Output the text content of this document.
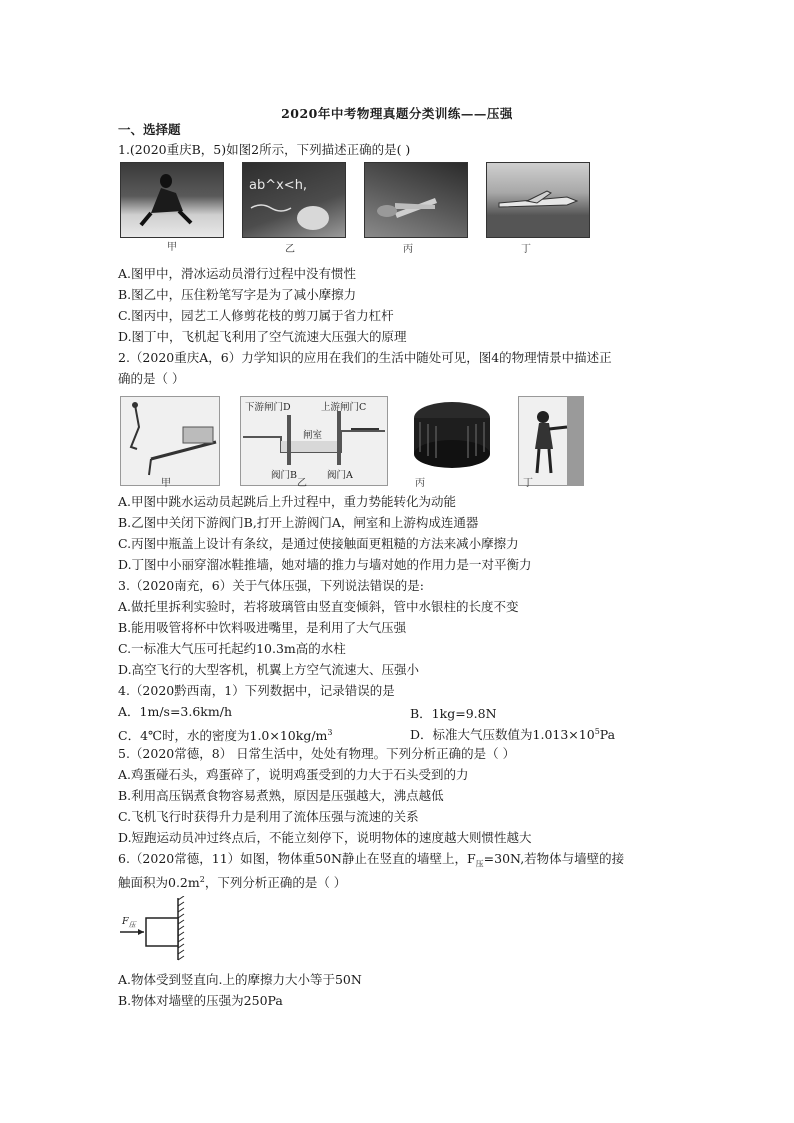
2020年中考物理真题分类训练——压强
一、选择题
1.(2020重庆B，5)如图2所示，下列描述正确的是( )
ab^x<h,
甲	乙	丙	丁
A.图甲中，滑冰运动员滑行过程中没有惯性
B.图乙中，压住粉笔写字是为了减小摩擦力
C.图丙中，园艺工人修剪花枝的剪刀属于省力杠杆
D.图丁中，飞机起飞利用了空气流速大压强大的原理
2.（2020重庆A，6）力学知识的应用在我们的生活中随处可见，图4的物理情景中描述正
确的是（ ）
下游闸门D	上游闸门C
闸室
阀门B	阀门A
甲	乙	丙	丁
A.甲图中跳水运动员起跳后上升过程中，重力势能转化为动能
B.乙图中关闭下游阀门B,打开上游阀门A，闸室和上游构成连通器
C.丙图中瓶盖上设计有条纹，是通过使接触面更粗糙的方法来减小摩擦力
D.丁图中小丽穿溜冰鞋推墙，她对墙的推力与墙对她的作用力是一对平衡力
3.（2020南充，6）关于气体压强，下列说法错误的是:
A.做托里拆利实验时，若将玻璃管由竖直变倾斜，管中水银柱的长度不变
B.能用吸管将杯中饮料吸进嘴里，是利用了大气压强
C.一标准大气压可托起约10.3m高的水柱
D.高空飞行的大型客机，机翼上方空气流速大、压强小
4.（2020黔西南，1）下列数据中，记录错误的是
A．1m/s=3.6km/h	B．1kg=9.8N
C．4℃时，水的密度为$1.0\times 10kg/m^3$	D．标准大气压数值为$1.013\times 10^5Pa$
5.（2020常德，8） 日常生活中，处处有物理。下列分析正确的是（ ）
A.鸡蛋碰石头，鸡蛋碎了，说明鸡蛋受到的力大于石头受到的力
B.利用高压锅煮食物容易煮熟，原因是压强越大，沸点越低
C.飞机飞行时获得升力是利用了流体压强与流速的关系
D.短跑运动员冲过终点后，不能立刻停下，说明物体的速度越大则惯性越大
6.（2020常德，11）如图，物体重50N静止在竖直的墙壁上，$F_压=30N$,若物体与墙壁的接
触面积为$0.2m^2$，下列分析正确的是（ ）
$F_压$
A.物体受到竖直向.上的摩擦力大小等于50N
B.物体对墙壁的压强为250Pa
